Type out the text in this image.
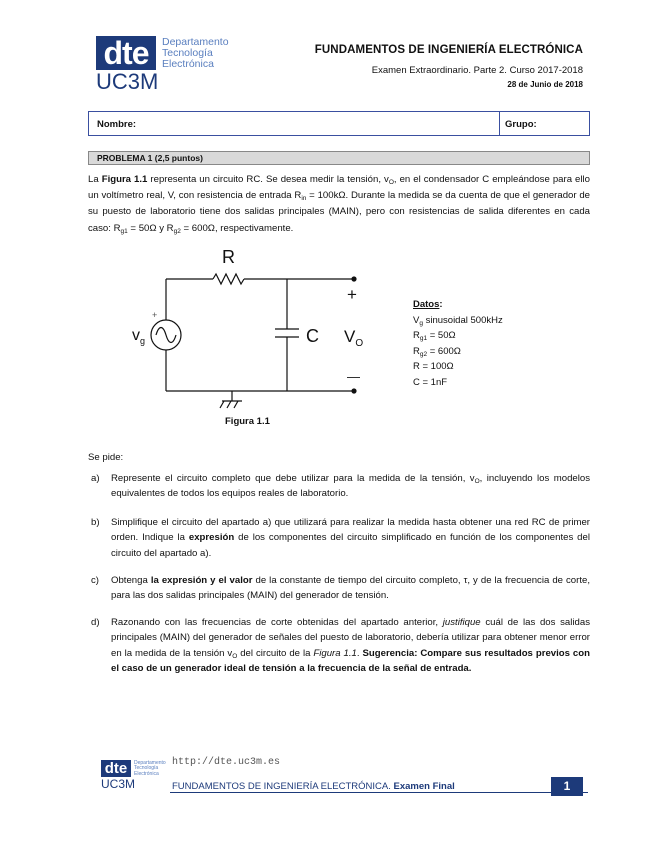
dte	Departamento
Tecnología
Electrónica
UC3M
FUNDAMENTOS DE INGENIERÍA ELECTRÓNICA
Examen Extraordinario. Parte 2. Curso 2017-2018
28 de Junio de 2018
Nombre:	Grupo:
PROBLEMA 1 (2,5 puntos)
La Figura 1.1 representa un circuito RC. Se desea medir la tensión, $v_O$, en el condensador C empleándose para ello un voltímetro real, V, con resistencia de entrada $R_{in} = 100k\Omega$. Durante la medida se da cuenta de que el generador de su puesto de laboratorio tiene dos salidas principales (MAIN), pero con resistencias de salida diferentes en cada caso: $R_{g1} = 50\Omega$ y $R_{g2} = 600\Omega$, respectivamente.
R
C
$v_g$
+
$V_O$
+
—
Figura 1.1
Datos:
$V_g$ sinusoidal 500kHz
$R_{g1} = 50\Omega$
$R_{g2} = 600\Omega$
R = 100Ω
C = 1nF
Se pide:
a) Represente el circuito completo que debe utilizar para la medida de la tensión, $v_O$, incluyendo los modelos equivalentes de todos los equipos reales de laboratorio.
b) Simplifique el circuito del apartado a) que utilizará para realizar la medida hasta obtener una red RC de primer orden. Indique la expresión de los componentes del circuito simplificado en función de los componentes del circuito del apartado a).
c) Obtenga la expresión y el valor de la constante de tiempo del circuito completo, τ, y de la frecuencia de corte, para las dos salidas principales (MAIN) del generador de tensión.
d) Razonando con las frecuencias de corte obtenidas del apartado anterior, justifique cuál de las dos salidas principales (MAIN) del generador de señales del puesto de laboratorio, debería utilizar para obtener menor error en la medida de la tensión $v_O$ del circuito de la Figura 1.1. Sugerencia: Compare sus resultados previos con el caso de un generador ideal de tensión a la frecuencia de la señal de entrada.
dte	Departamento
Tecnología
Electrónica
UC3M
http://dte.uc3m.es
FUNDAMENTOS DE INGENIERÍA ELECTRÓNICA. Examen Final	1
